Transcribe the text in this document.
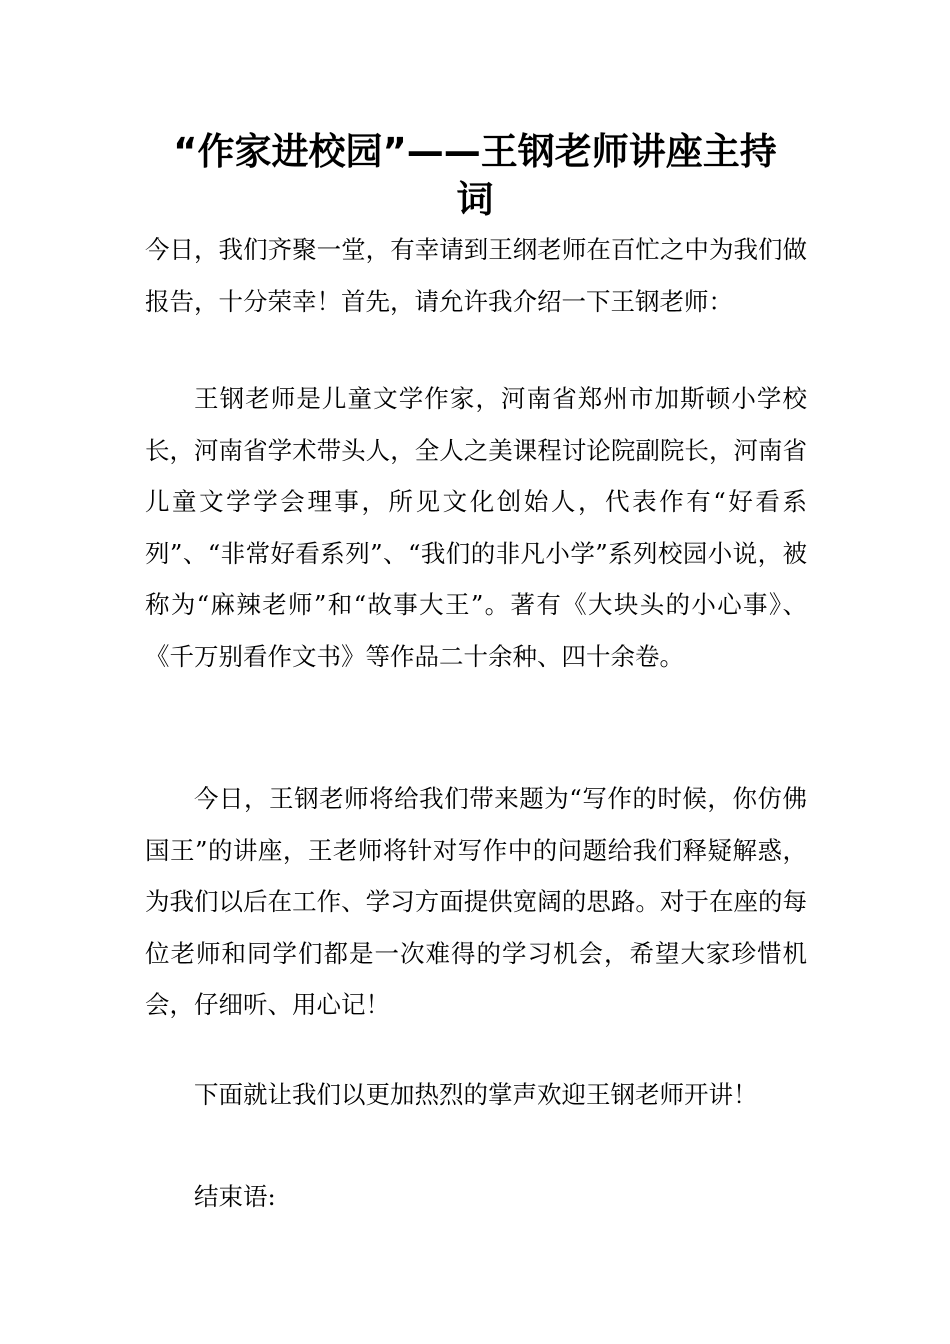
“作家进校园”——王钢老师讲座主持
词

今日，我们齐聚一堂，有幸请到王纲老师在百忙之中为我们做报告，十分荣幸！首先，请允许我介绍一下王钢老师：

王钢老师是儿童文学作家，河南省郑州市加斯顿小学校长，河南省学术带头人，全人之美课程讨论院副院长，河南省儿童文学学会理事，所见文化创始人，代表作有“好看系列”、“非常好看系列”、“我们的非凡小学”系列校园小说，被称为“麻辣老师”和“故事大王”。著有《大块头的小心事》、《千万别看作文书》等作品二十余种、四十余卷。

今日，王钢老师将给我们带来题为“写作的时候，你仿佛国王”的讲座，王老师将针对写作中的问题给我们释疑解惑，为我们以后在工作、学习方面提供宽阔的思路。对于在座的每位老师和同学们都是一次难得的学习机会，希望大家珍惜机会，仔细听、用心记！

下面就让我们以更加热烈的掌声欢迎王钢老师开讲！

结束语:
